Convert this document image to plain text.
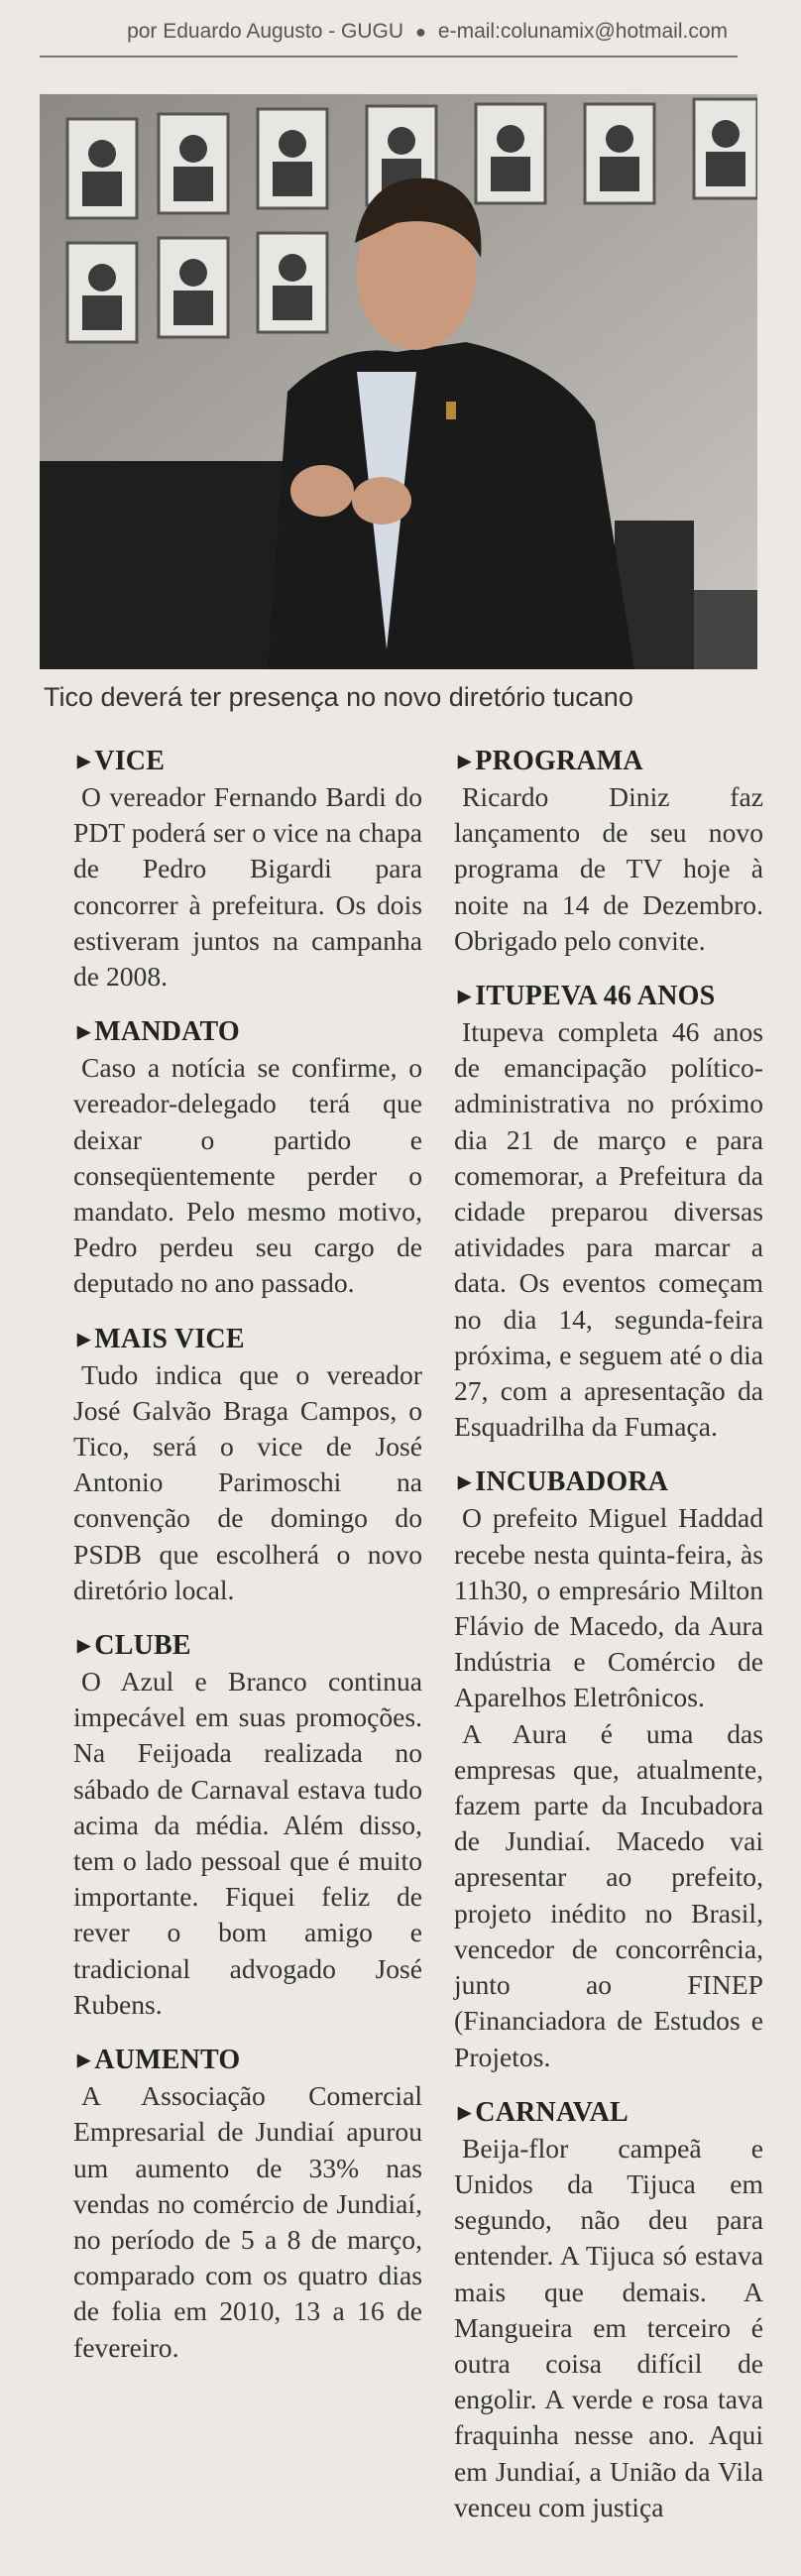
por Eduardo Augusto - GUGU ● e-mail:colunamix@hotmail.com
Tico deverá ter presença no novo diretório tucano
▶ VICE

O vereador Fernando Bardi do PDT poderá ser o vice na chapa de Pedro Bigardi para concorrer à prefeitura. Os dois estiveram juntos na campanha de 2008.

▶ MANDATO

Caso a notícia se confirme, o vereador-delegado terá que deixar o partido e conseqüentemente perder o mandato. Pelo mesmo motivo, Pedro perdeu seu cargo de deputado no ano passado.

▶ MAIS VICE

Tudo indica que o vereador José Galvão Braga Campos, o Tico, será o vice de José Antonio Parimoschi na convenção de domingo do PSDB que escolherá o novo diretório local.

▶ CLUBE

O Azul e Branco continua impecável em suas promoções. Na Feijoada realizada no sábado de Carnaval estava tudo acima da média. Além disso, tem o lado pessoal que é muito importante. Fiquei feliz de rever o bom amigo e tradicional advogado José Rubens.

▶ AUMENTO

A Associação Comercial Empresarial de Jundiaí apurou um aumento de 33% nas vendas no comércio de Jundiaí, no período de 5 a 8 de março, comparado com os quatro dias de folia em 2010, 13 a 16 de fevereiro.

▶ PROGRAMA

Ricardo Diniz faz lançamento de seu novo programa de TV hoje à noite na 14 de Dezembro. Obrigado pelo convite.

▶ ITUPEVA 46 ANOS

Itupeva completa 46 anos de emancipação político-administrativa no próximo dia 21 de março e para comemorar, a Prefeitura da cidade preparou diversas atividades para marcar a data. Os eventos começam no dia 14, segunda-feira próxima, e seguem até o dia 27, com a apresentação da Esquadrilha da Fumaça.

▶ INCUBADORA

O prefeito Miguel Haddad recebe nesta quinta-feira, às 11h30, o empresário Milton Flávio de Macedo, da Aura Indústria e Comércio de Aparelhos Eletrônicos.

A Aura é uma das empresas que, atualmente, fazem parte da Incubadora de Jundiaí. Macedo vai apresentar ao prefeito, projeto inédito no Brasil, vencedor de concorrência, junto ao FINEP (Financiadora de Estudos e Projetos.

▶ CARNAVAL

Beija-flor campeã e Unidos da Tijuca em segundo, não deu para entender. A Tijuca só estava mais que demais. A Mangueira em terceiro é outra coisa difícil de engolir. A verde e rosa tava fraquinha nesse ano. Aqui em Jundiaí, a União da Vila venceu com justiça
